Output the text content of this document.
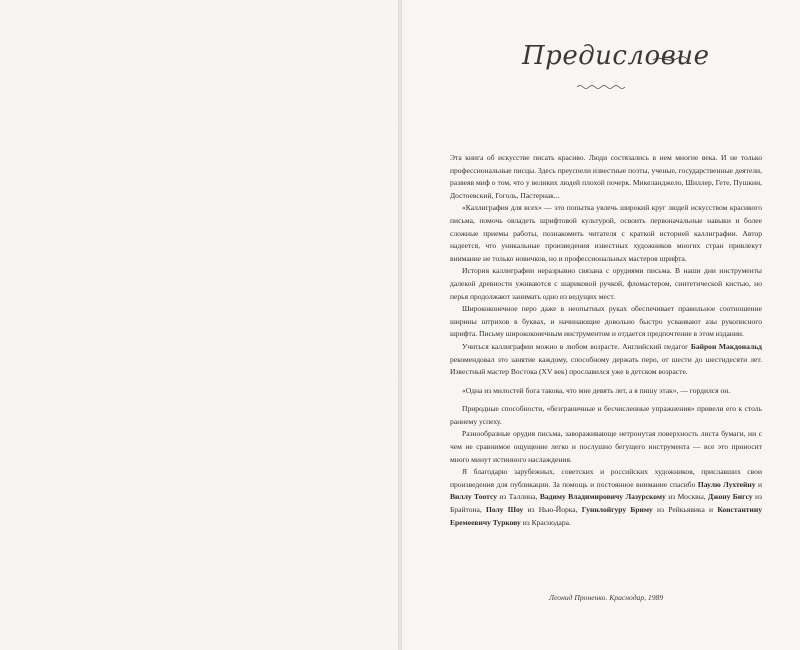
Предисловие

Эта книга об искусстве писать красиво. Люди состязались в нем многие века. И не только профессиональные писцы. Здесь преуспели известные поэты, ученые, государственные деятели, развеяв миф о том, что у великих людей плохой почерк. Микеланджело, Шиллер, Гете, Пушкин, Достоевский, Гоголь, Пастернак...

«Каллиграфия для всех» — это попытка увлечь широкий круг людей искусством красивого письма, помочь овладеть шрифтовой культурой, освоить первоначальные навыки и более сложные приемы работы, познакомить читателя с краткой историей каллиграфии. Автор надеется, что уникальные произведения известных художников многих стран привлекут внимание не только новичков, но и профессиональных мастеров шрифта.

История каллиграфии неразрывно связана с орудиями письма. В наши дни инструменты далекой древности уживаются с шариковой ручкой, фломастером, синтетической кистью, но перья продолжают занимать одно из ведущих мест.

Ширококонечное перо даже в неопытных руках обеспечивает правильное соотношение ширины штрихов в буквах, и начинающие довольно быстро усваивают азы рукописного шрифта. Письму ширококонечным инструментом и отдается предпочтение в этом издании.

Учиться каллиграфии можно в любом возрасте. Английский педагог Байрон Макдональд рекомендовал это занятие каждому, способному держать перо, от шести до шестидесяти лет. Известный мастер Востока (XV век) прославился уже в детском возрасте.

«Одна из милостей бога такова, что мне девять лет, а я пишу этак», — гордился он.

Природные способности, «безграничные и бесчисленные упражнения» привели его к столь раннему успеху.

Разнообразные орудия письма, завораживающе нетронутая поверхность листа бумаги, ни с чем не сравнимое ощущение легко и послушно бегущего инструмента — все это приносит много минут истинного наслаждения.

Я благодарю зарубежных, советских и российских художников, приславших свои произведения для публикации. За помощь и постоянное внимание спасибо Паулю Лухтейну и Виллу Тоотсу из Таллина, Вадиму Владимировичу Лазурскому из Москвы, Джону Бигсу из Брайтона, Полу Шоу из Нью-Йорка, Гуннлойгуру Бриму из Рейкьявика и Константину Еремеевичу Туркову из Краснодара.

Леонид Проненко. Краснодар, 1989
